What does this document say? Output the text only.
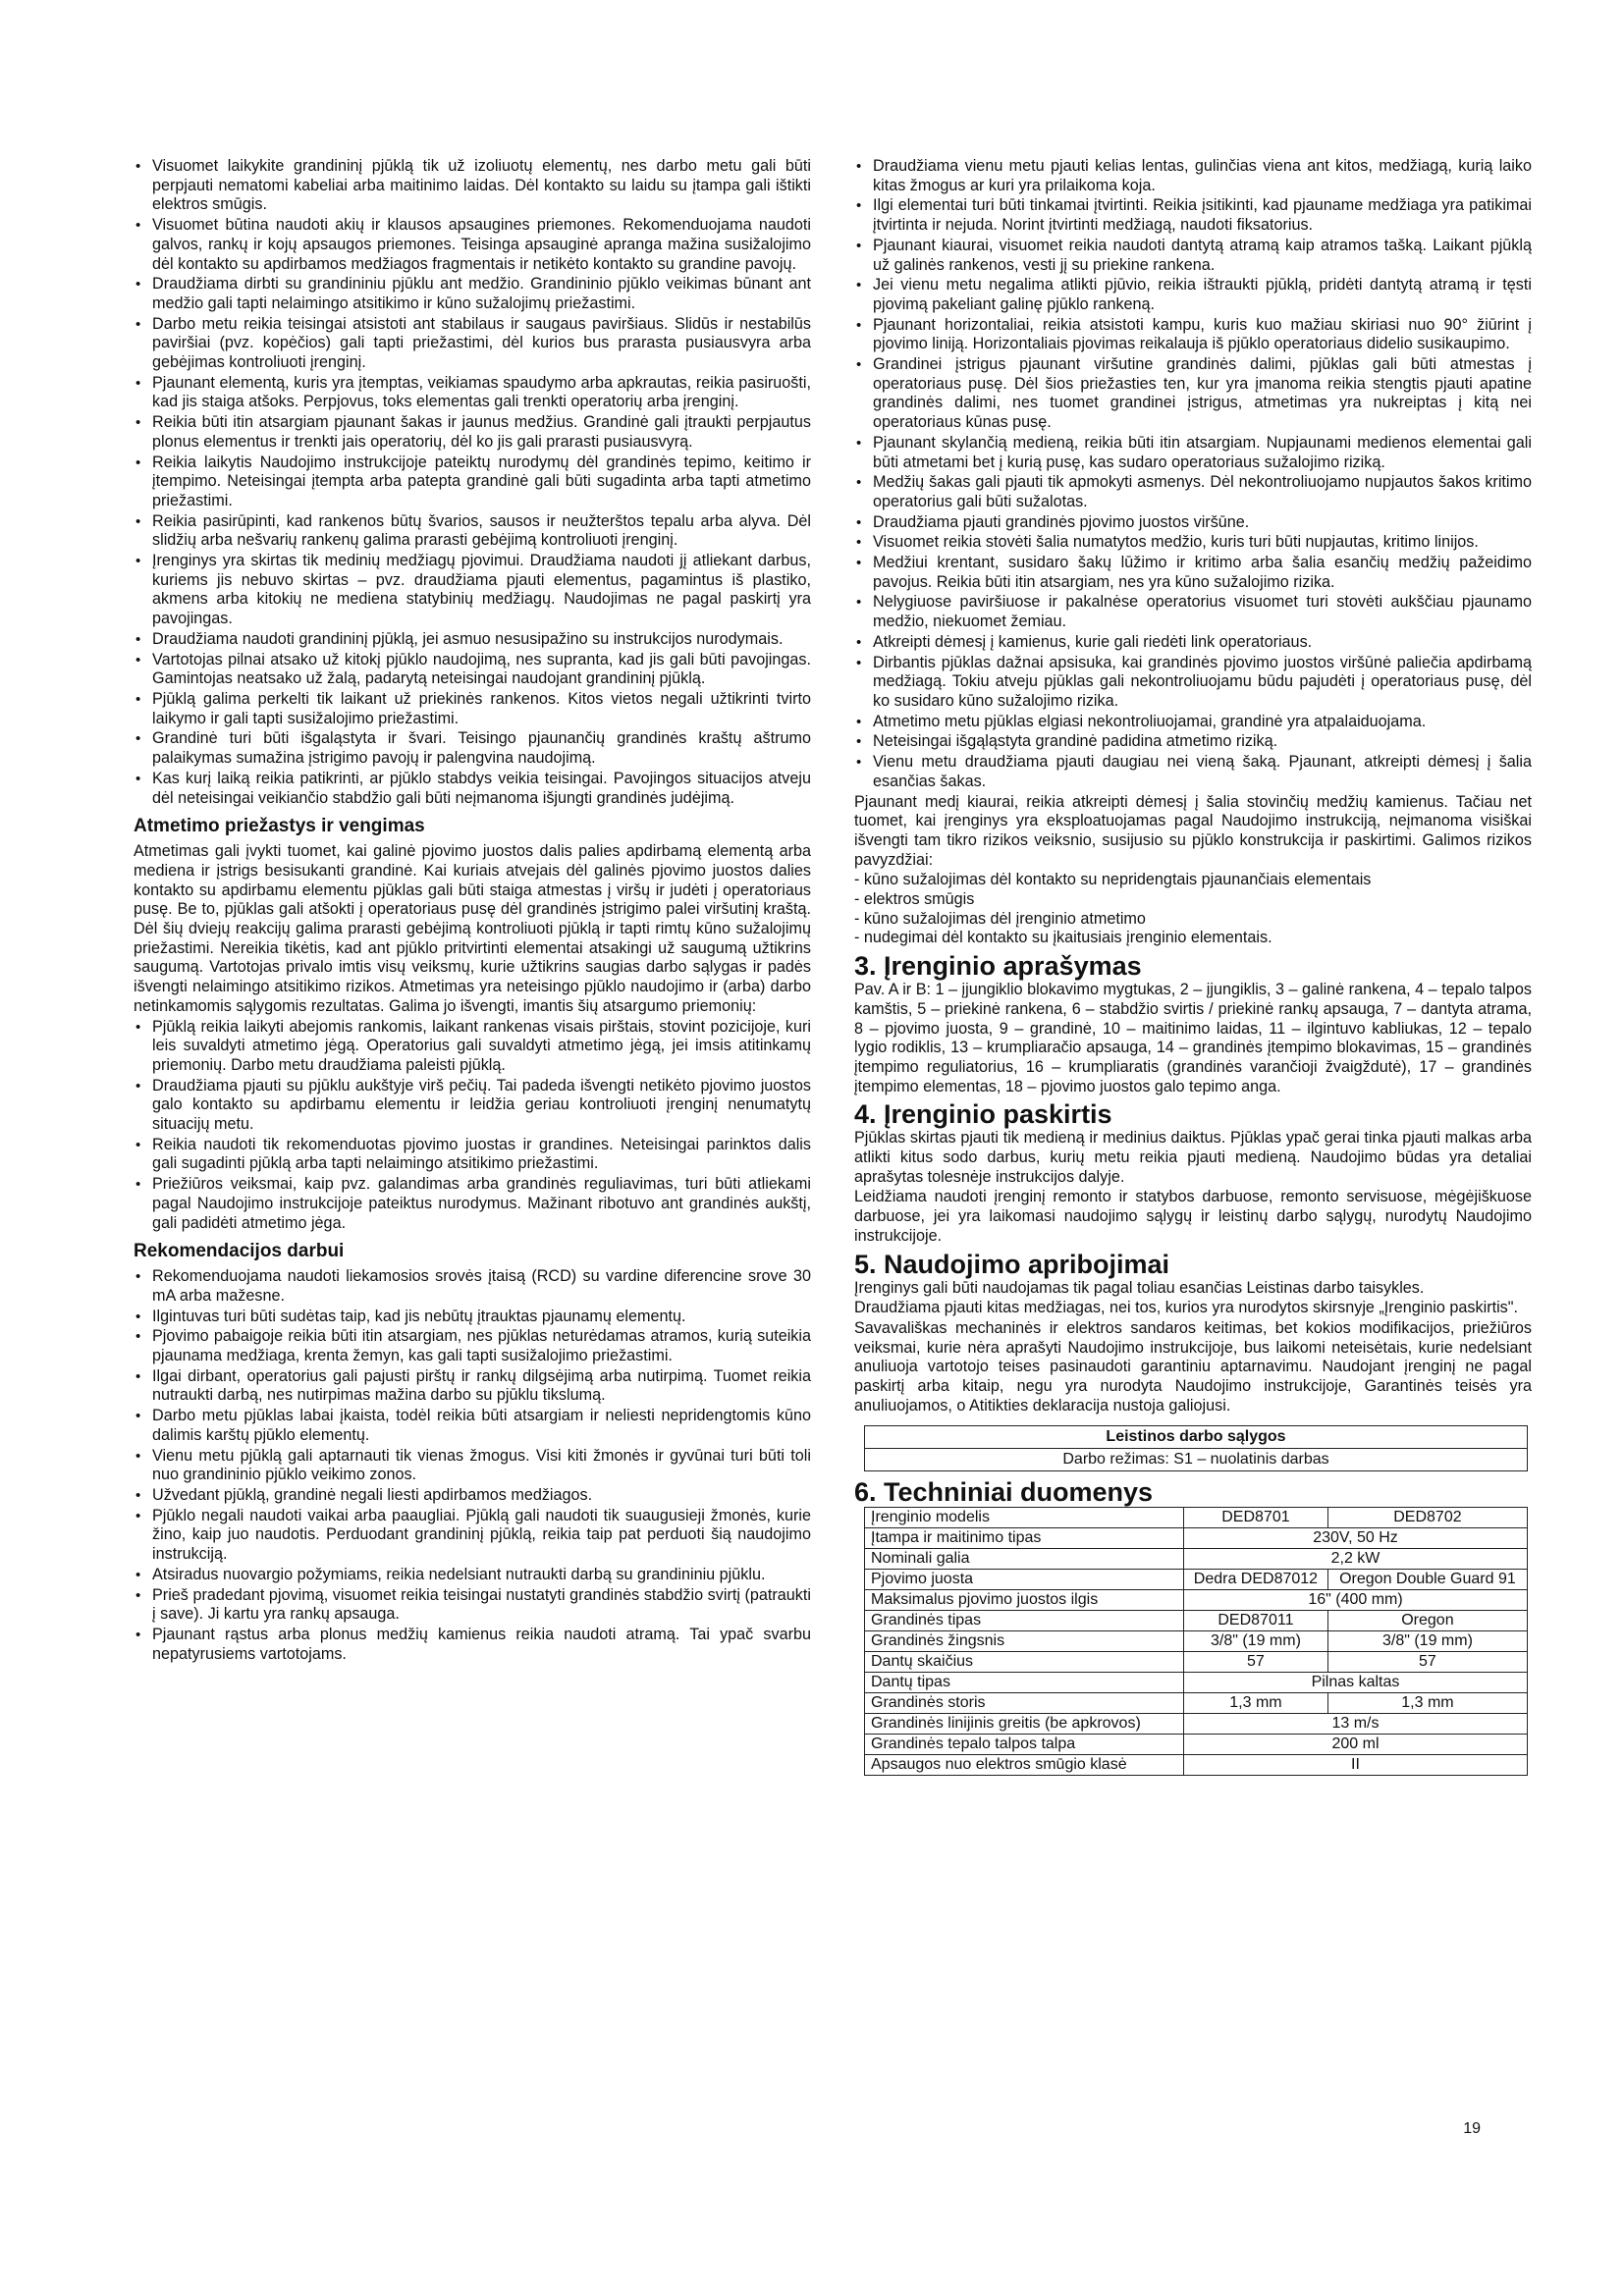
• Visuomet laikykite grandininį pjūklą tik už izoliuotų elementų, nes darbo metu gali būti perpjauti nematomi kabeliai arba maitinimo laidas. Dėl kontakto su laidu su įtampa gali ištikti elektros smūgis.
• Visuomet būtina naudoti akių ir klausos apsaugines priemones. Rekomenduojama naudoti galvos, rankų ir kojų apsaugos priemones. Teisinga apsauginė apranga mažina susižalojimo dėl kontakto su apdirbamos medžiagos fragmentais ir netikėto kontakto su grandine pavojų.
• Draudžiama dirbti su grandininiu pjūklu ant medžio. Grandininio pjūklo veikimas būnant ant medžio gali tapti nelaimingo atsitikimo ir kūno sužalojimų priežastimi.
• Darbo metu reikia teisingai atsistoti ant stabilaus ir saugaus paviršiaus. Slidūs ir nestabilūs paviršiai (pvz. kopėčios) gali tapti priežastimi, dėl kurios bus prarasta pusiausvyra arba gebėjimas kontroliuoti įrenginį.
• Pjaunant elementą, kuris yra įtemptas, veikiamas spaudymo arba apkrautas, reikia pasiruošti, kad jis staiga atšoks. Perpjovus, toks elementas gali trenkti operatorių arba įrenginį.
• Reikia būti itin atsargiam pjaunant šakas ir jaunus medžius. Grandinė gali įtraukti perpjautus plonus elementus ir trenkti jais operatorių, dėl ko jis gali prarasti pusiausvyrą.
• Reikia laikytis Naudojimo instrukcijoje pateiktų nurodymų dėl grandinės tepimo, keitimo ir įtempimo. Neteisingai įtempta arba patepta grandinė gali būti sugadinta arba tapti atmetimo priežastimi.
• Reikia pasirūpinti, kad rankenos būtų švarios, sausos ir neužterštos tepalu arba alyva. Dėl slidžių arba nešvarių rankenų galima prarasti gebėjimą kontroliuoti įrenginį.
• Įrenginys yra skirtas tik medinių medžiagų pjovimui. Draudžiama naudoti jį atliekant darbus, kuriems jis nebuvo skirtas – pvz. draudžiama pjauti elementus, pagamintus iš plastiko, akmens arba kitokių ne mediena statybinių medžiagų. Naudojimas ne pagal paskirtį yra pavojingas.
• Draudžiama naudoti grandininį pjūklą, jei asmuo nesusipažino su instrukcijos nurodymais.
• Vartotojas pilnai atsako už kitokį pjūklo naudojimą, nes supranta, kad jis gali būti pavojingas. Gamintojas neatsako už žalą, padarytą neteisingai naudojant grandininį pjūklą.
• Pjūklą galima perkelti tik laikant už priekinės rankenos. Kitos vietos negali užtikrinti tvirto laikymo ir gali tapti susižalojimo priežastimi.
• Grandinė turi būti išgaląstyta ir švari. Teisingo pjaunančių grandinės kraštų aštrumo palaikymas sumažina įstrigimo pavojų ir palengvina naudojimą.
• Kas kurį laiką reikia patikrinti, ar pjūklo stabdys veikia teisingai. Pavojingos situacijos atveju dėl neteisingai veikiančio stabdžio gali būti neįmanoma išjungti grandinės judėjimą.
Atmetimo priežastys ir vengimas

Atmetimas gali įvykti tuomet, kai galinė pjovimo juostos dalis palies apdirbamą elementą arba mediena ir įstrigs besisukanti grandinė. Kai kuriais atvejais dėl galinės pjovimo juostos dalies kontakto su apdirbamu elementu pjūklas gali būti staiga atmestas į viršų ir judėti į operatoriaus pusę. Be to, pjūklas gali atšokti į operatoriaus pusę dėl grandinės įstrigimo palei viršutinį kraštą. Dėl šių dviejų reakcijų galima prarasti gebėjimą kontroliuoti pjūklą ir tapti rimtų kūno sužalojimų priežastimi. Nereikia tikėtis, kad ant pjūklo pritvirtinti elementai atsakingi už saugumą užtikrins saugumą. Vartotojas privalo imtis visų veiksmų, kurie užtikrins saugias darbo sąlygas ir padės išvengti nelaimingo atsitikimo rizikos. Atmetimas yra neteisingo pjūklo naudojimo ir (arba) darbo netinkamomis sąlygomis rezultatas. Galima jo išvengti, imantis šių atsargumo priemonių:

• Pjūklą reikia laikyti abejomis rankomis, laikant rankenas visais pirštais, stovint pozicijoje, kuri leis suvaldyti atmetimo jėgą. Operatorius gali suvaldyti atmetimo jėgą, jei imsis atitinkamų priemonių. Darbo metu draudžiama paleisti pjūklą.
• Draudžiama pjauti su pjūklu aukštyje virš pečių. Tai padeda išvengti netikėto pjovimo juostos galo kontakto su apdirbamu elementu ir leidžia geriau kontroliuoti įrenginį nenumatytų situacijų metu.
• Reikia naudoti tik rekomenduotas pjovimo juostas ir grandines. Neteisingai parinktos dalis gali sugadinti pjūklą arba tapti nelaimingo atsitikimo priežastimi.
• Priežiūros veiksmai, kaip pvz. galandimas arba grandinės reguliavimas, turi būti atliekami pagal Naudojimo instrukcijoje pateiktus nurodymus. Mažinant ribotuvo ant grandinės aukštį, gali padidėti atmetimo jėga.
Rekomendacijos darbui
• Rekomenduojama naudoti liekamosios srovės įtaisą (RCD) su vardine diferencine srove 30 mA arba mažesne.
• Ilgintuvas turi būti sudėtas taip, kad jis nebūtų įtrauktas pjaunamų elementų.
• Pjovimo pabaigoje reikia būti itin atsargiam, nes pjūklas neturėdamas atramos, kurią suteikia pjaunama medžiaga, krenta žemyn, kas gali tapti susižalojimo priežastimi.
• Ilgai dirbant, operatorius gali pajusti pirštų ir rankų dilgsėjimą arba nutirpimą. Tuomet reikia nutraukti darbą, nes nutirpimas mažina darbo su pjūklu tikslumą.
• Darbo metu pjūklas labai įkaista, todėl reikia būti atsargiam ir neliesti nepridengtomis kūno dalimis karštų pjūklo elementų.
• Vienu metu pjūklą gali aptarnauti tik vienas žmogus. Visi kiti žmonės ir gyvūnai turi būti toli nuo grandininio pjūklo veikimo zonos.
• Užvedant pjūklą, grandinė negali liesti apdirbamos medžiagos.
• Pjūklo negali naudoti vaikai arba paaugliai. Pjūklą gali naudoti tik suaugusieji žmonės, kurie žino, kaip juo naudotis. Perduodant grandininį pjūklą, reikia taip pat perduoti šią naudojimo instrukciją.
• Atsiradus nuovargio požymiams, reikia nedelsiant nutraukti darbą su grandininiu pjūklu.
• Prieš pradedant pjovimą, visuomet reikia teisingai nustatyti grandinės stabdžio svirtį (patraukti į save). Ji kartu yra rankų apsauga.
• Pjaunant rąstus arba plonus medžių kamienus reikia naudoti atramą. Tai ypač svarbu nepatyrusiems vartotojams.
• Draudžiama vienu metu pjauti kelias lentas, gulinčias viena ant kitos, medžiagą, kurią laiko kitas žmogus ar kuri yra prilaikoma koja.
• Ilgi elementai turi būti tinkamai įtvirtinti. Reikia įsitikinti, kad pjauname medžiaga yra patikimai įtvirtinta ir nejuda. Norint įtvirtinti medžiagą, naudoti fiksatorius.
• Pjaunant kiaurai, visuomet reikia naudoti dantytą atramą kaip atramos tašką. Laikant pjūklą už galinės rankenos, vesti jį su priekine rankena.
• Jei vienu metu negalima atlikti pjūvio, reikia ištraukti pjūklą, pridėti dantytą atramą ir tęsti pjovimą pakeliant galinę pjūklo rankeną.
• Pjaunant horizontaliai, reikia atsistoti kampu, kuris kuo mažiau skiriasi nuo 90° žiūrint į pjovimo liniją. Horizontaliais pjovimas reikalauja iš pjūklo operatoriaus didelio susikaupimo.
• Grandinei įstrigus pjaunant viršutine grandinės dalimi, pjūklas gali būti atmestas į operatoriaus pusę. Dėl šios priežasties ten, kur yra įmanoma reikia stengtis pjauti apatine grandinės dalimi, nes tuomet grandinei įstrigus, atmetimas yra nukreiptas į kitą nei operatoriaus kūnas pusę.
• Pjaunant skylančią medieną, reikia būti itin atsargiam. Nupjaunami medienos elementai gali būti atmetami bet į kurią pusę, kas sudaro operatoriaus sužalojimo riziką.
• Medžių šakas gali pjauti tik apmokyti asmenys. Dėl nekontroliuojamo nupjautos šakos kritimo operatorius gali būti sužalotas.
• Draudžiama pjauti grandinės pjovimo juostos viršūne.
• Visuomet reikia stovėti šalia numatytos medžio, kuris turi būti nupjautas, kritimo linijos.
• Medžiui krentant, susidaro šakų lūžimo ir kritimo arba šalia esančių medžių pažeidimo pavojus. Reikia būti itin atsargiam, nes yra kūno sužalojimo rizika.
• Nelygiuose paviršiuose ir pakalnėse operatorius visuomet turi stovėti aukščiau pjaunamo medžio, niekuomet žemiau.
• Atkreipti dėmesį į kamienus, kurie gali riedėti link operatoriaus.
• Dirbantis pjūklas dažnai apsisuka, kai grandinės pjovimo juostos viršūnė paliečia apdirbamą medžiagą. Tokiu atveju pjūklas gali nekontroliuojamu būdu pajudėti į operatoriaus pusę, dėl ko susidaro kūno sužalojimo rizika.
• Atmetimo metu pjūklas elgiasi nekontroliuojamai, grandinė yra atpalaiduojama.
• Neteisingai išgąląstyta grandinė padidina atmetimo riziką.
• Vienu metu draudžiama pjauti daugiau nei vieną šaką. Pjaunant, atkreipti dėmesį į šalia esančias šakas.

Pjaunant medį kiaurai, reikia atkreipti dėmesį į šalia stovinčių medžių kamienus. Tačiau net tuomet, kai įrenginys yra eksploatuojamas pagal Naudojimo instrukciją, neįmanoma visiškai išvengti tam tikro rizikos veiksnio, susijusio su pjūklo konstrukcija ir paskirtimi. Galimos rizikos pavyzdžiai:

- kūno sužalojimas dėl kontakto su nepridengtais pjaunančiais elementais
- elektros smūgis
- kūno sužalojimas dėl įrenginio atmetimo
- nudegimai dėl kontakto su įkaitusiais įrenginio elementais.
3. Įrenginio aprašymas

Pav. A ir B: 1 – įjungiklio blokavimo mygtukas, 2 – įjungiklis, 3 – galinė rankena, 4 – tepalo talpos kamštis, 5 – priekinė rankena, 6 – stabdžio svirtis / priekinė rankų apsauga, 7 – dantyta atrama, 8 – pjovimo juosta, 9 – grandinė, 10 – maitinimo laidas, 11 – ilgintuvo kabliukas, 12 – tepalo lygio rodiklis, 13 – krumpliaračio apsauga, 14 – grandinės įtempimo blokavimas, 15 – grandinės įtempimo reguliatorius, 16 – krumpliaratis (grandinės varančioji žvaigždutė), 17 – grandinės įtempimo elementas, 18 – pjovimo juostos galo tepimo anga.

4. Įrenginio paskirtis

Pjūklas skirtas pjauti tik medieną ir medinius daiktus. Pjūklas ypač gerai tinka pjauti malkas arba atlikti kitus sodo darbus, kurių metu reikia pjauti medieną. Naudojimo būdas yra detaliai aprašytas tolesnėje instrukcijos dalyje.

Leidžiama naudoti įrenginį remonto ir statybos darbuose, remonto servisuose, mėgėjiškuose darbuose, jei yra laikomasi naudojimo sąlygų ir leistinų darbo sąlygų, nurodytų Naudojimo instrukcijoje.

5. Naudojimo apribojimai

Įrenginys gali būti naudojamas tik pagal toliau esančias Leistinas darbo taisykles.

Draudžiama pjauti kitas medžiagas, nei tos, kurios yra nurodytos skirsnyje „Įrenginio paskirtis".

Savavališkas mechaninės ir elektros sandaros keitimas, bet kokios modifikacijos, priežiūros veiksmai, kurie nėra aprašyti Naudojimo instrukcijoje, bus laikomi neteisėtais, kurie nedelsiant anuliuoja vartotojo teises pasinaudoti garantiniu aptarnavimu. Naudojant įrenginį ne pagal paskirtį arba kitaip, negu yra nurodyta Naudojimo instrukcijoje, Garantinės teisės yra anuliuojamos, o Atitikties deklaracija nustoja galiojusi.

Leistinos darbo sąlygos
Darbo režimas: S1 – nuolatinis darbas
6. Techniniai duomenys
Įrenginio modelis	DED8701	DED8702
Įtampa ir maitinimo tipas	230V, 50 Hz	
Nominali galia	2,2 kW	
Pjovimo juosta	Dedra DED87012	Oregon Double Guard 91
Maksimalus pjovimo juostos ilgis	16" (400 mm)	
Grandinės tipas	DED87011	Oregon
Grandinės žingsnis	3/8" (19 mm)	3/8" (19 mm)
Dantų skaičius	57	57
Dantų tipas	Pilnas kaltas	
Grandinės storis	1,3 mm	1,3 mm
Grandinės linijinis greitis (be apkrovos)	13 m/s	
Grandinės tepalo talpos talpa	200 ml	
Apsaugos nuo elektros smūgio klasė	II	
19
